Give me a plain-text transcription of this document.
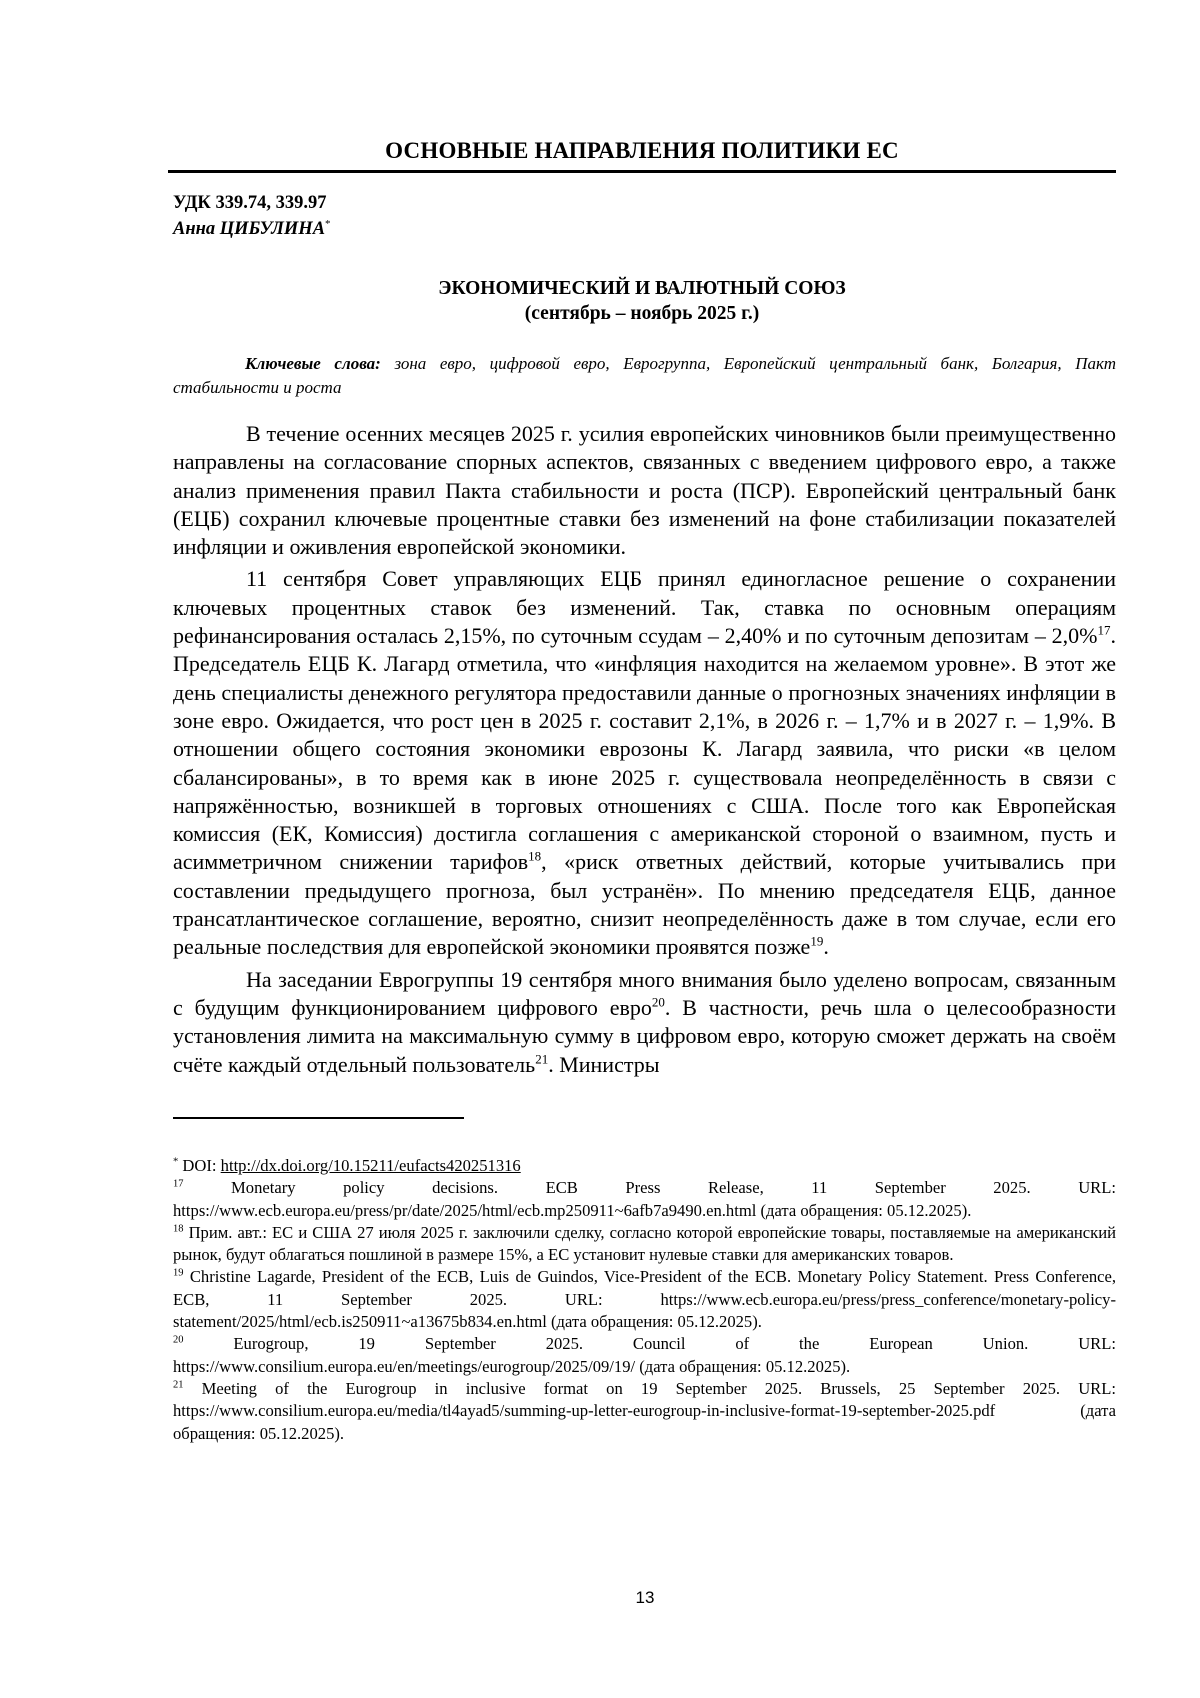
ОСНОВНЫЕ НАПРАВЛЕНИЯ ПОЛИТИКИ ЕС
УДК 339.74, 339.97
Анна ЦИБУЛИНА*
ЭКОНОМИЧЕСКИЙ И ВАЛЮТНЫЙ СОЮЗ
(сентябрь – ноябрь 2025 г.)
Ключевые слова: зона евро, цифровой евро, Еврогруппа, Европейский центральный банк, Болгария, Пакт стабильности и роста

В течение осенних месяцев 2025 г. усилия европейских чиновников были преимущественно направлены на согласование спорных аспектов, связанных с введением цифрового евро, а также анализ применения правил Пакта стабильности и роста (ПСР). Европейский центральный банк (ЕЦБ) сохранил ключевые процентные ставки без изменений на фоне стабилизации показателей инфляции и оживления европейской экономики.

11 сентября Совет управляющих ЕЦБ принял единогласное решение о сохранении ключевых процентных ставок без изменений. Так, ставка по основным операциям рефинансирования осталась 2,15%, по суточным ссудам – 2,40% и по суточным депозитам – 2,0%$^{17}$. Председатель ЕЦБ К. Лагард отметила, что «инфляция находится на желаемом уровне». В этот же день специалисты денежного регулятора предоставили данные о прогнозных значениях инфляции в зоне евро. Ожидается, что рост цен в 2025 г. составит 2,1%, в 2026 г. – 1,7% и в 2027 г. – 1,9%. В отношении общего состояния экономики еврозоны К. Лагард заявила, что риски «в целом сбалансированы», в то время как в июне 2025 г. существовала неопределённость в связи с напряжённостью, возникшей в торговых отношениях с США. После того как Европейская комиссия (ЕК, Комиссия) достигла соглашения с американской стороной о взаимном, пусть и асимметричном снижении тарифов$^{18}$, «риск ответных действий, которые учитывались при составлении предыдущего прогноза, был устранён». По мнению председателя ЕЦБ, данное трансатлантическое соглашение, вероятно, снизит неопределённость даже в том случае, если его реальные последствия для европейской экономики проявятся позже$^{19}$.

На заседании Еврогруппы 19 сентября много внимания было уделено вопросам, связанным с будущим функционированием цифрового евро$^{20}$. В частности, речь шла о целесообразности установления лимита на максимальную сумму в цифровом евро, которую сможет держать на своём счёте каждый отдельный пользователь$^{21}$. Министры

* DOI: http://dx.doi.org/10.15211/eufacts420251316

$^{17}$ Monetary policy decisions. ECB Press Release, 11 September 2025. URL: https://www.ecb.europa.eu/press/pr/date/2025/html/ecb.mp250911~6afb7a9490.en.html (дата обращения: 05.12.2025).

$^{18}$ Прим. авт.: ЕС и США 27 июля 2025 г. заключили сделку, согласно которой европейские товары, поставляемые на американский рынок, будут облагаться пошлиной в размере 15%, а ЕС установит нулевые ставки для американских товаров.

$^{19}$ Christine Lagarde, President of the ECB, Luis de Guindos, Vice-President of the ECB. Monetary Policy Statement. Press Conference, ECB, 11 September 2025. URL: https://www.ecb.europa.eu/press/press_conference/monetary-policy-statement/2025/html/ecb.is250911~a13675b834.en.html (дата обращения: 05.12.2025).

$^{20}$ Eurogroup, 19 September 2025. Council of the European Union. URL: https://www.consilium.europa.eu/en/meetings/eurogroup/2025/09/19/ (дата обращения: 05.12.2025).

$^{21}$ Meeting of the Eurogroup in inclusive format on 19 September 2025. Brussels, 25 September 2025. URL: https://www.consilium.europa.eu/media/tl4ayad5/summing-up-letter-eurogroup-in-inclusive-format-19-september-2025.pdf (дата обращения: 05.12.2025).

13
